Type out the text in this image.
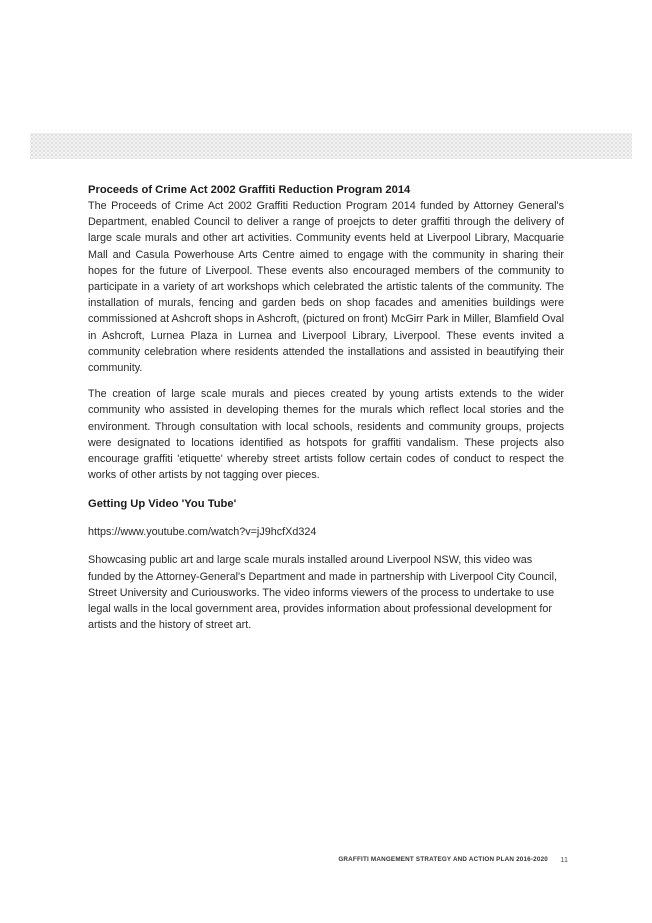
Proceeds of Crime Act 2002 Graffiti Reduction Program 2014

The Proceeds of Crime Act 2002 Graffiti Reduction Program 2014 funded by Attorney General's Department, enabled Council to deliver a range of proejcts to deter graffiti through the delivery of large scale murals and other art activities. Community events held at Liverpool Library, Macquarie Mall and Casula Powerhouse Arts Centre aimed to engage with the community in sharing their hopes for the future of Liverpool. These events also encouraged members of the community to participate in a variety of art workshops which celebrated the artistic talents of the community. The installation of murals, fencing and garden beds on shop facades and amenities buildings were commissioned at Ashcroft shops in Ashcroft, (pictured on front) McGirr Park in Miller, Blamfield Oval in Ashcroft, Lurnea Plaza in Lurnea and Liverpool Library, Liverpool. These events invited a community celebration where residents attended the installations and assisted in beautifying their community.

The creation of large scale murals and pieces created by young artists extends to the wider community who assisted in developing themes for the murals which reflect local stories and the environment. Through consultation with local schools, residents and community groups, projects were designated to locations identified as hotspots for graffiti vandalism. These projects also encourage graffiti 'etiquette' whereby street artists follow certain codes of conduct to respect the works of other artists by not tagging over pieces.

Getting Up Video 'You Tube'

https://www.youtube.com/watch?v=jJ9hcfXd324

Showcasing public art and large scale murals installed around Liverpool NSW, this video was funded by the Attorney-General's Department and made in partnership with Liverpool City Council, Street University and Curiousworks. The video informs viewers of the process to undertake to use legal walls in the local government area, provides information about professional development for artists and the history of street art.

GRAFFITI MANGEMENT STRATEGY AND ACTION PLAN 2016-2020	11
